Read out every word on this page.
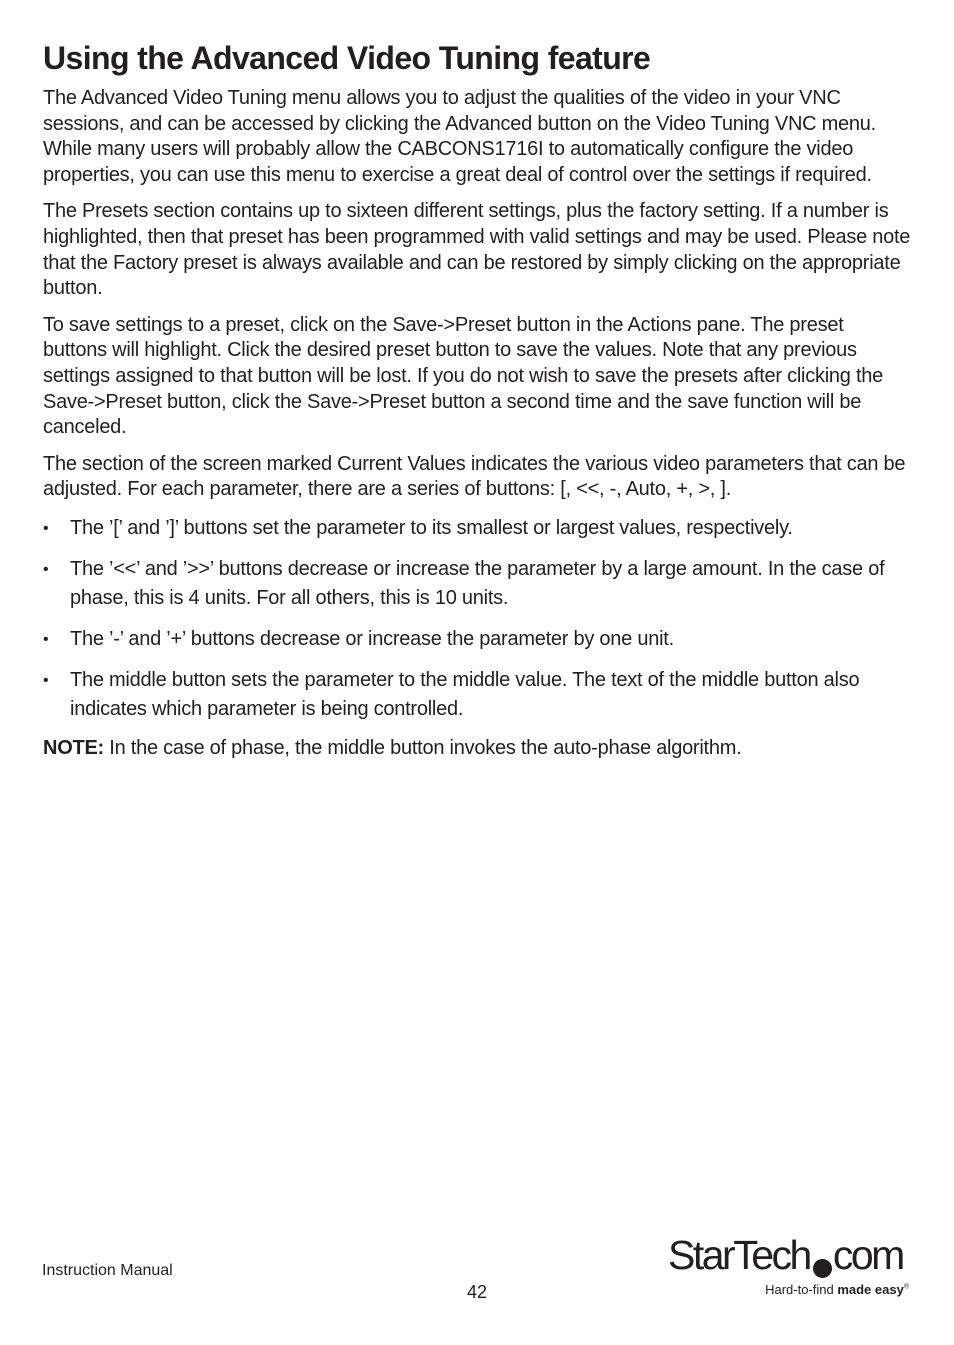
Using the Advanced Video Tuning feature

The Advanced Video Tuning menu allows you to adjust the qualities of the video in your VNC sessions, and can be accessed by clicking the Advanced button on the Video Tuning VNC menu. While many users will probably allow the CABCONS1716I to automatically configure the video properties, you can use this menu to exercise a great deal of control over the settings if required.

The Presets section contains up to sixteen different settings, plus the factory setting. If a number is highlighted, then that preset has been programmed with valid settings and may be used. Please note that the Factory preset is always available and can be restored by simply clicking on the appropriate button.

To save settings to a preset, click on the Save->Preset button in the Actions pane. The preset buttons will highlight. Click the desired preset button to save the values. Note that any previous settings assigned to that button will be lost. If you do not wish to save the presets after clicking the Save->Preset button, click the Save->Preset button a second time and the save function will be canceled.

The section of the screen marked Current Values indicates the various video parameters that can be adjusted. For each parameter, there are a series of buttons: [, <<, -, Auto, +, >, ].

• The ’[’ and ’]’ buttons set the parameter to its smallest or largest values, respectively.
• The ’<<’ and ’>>’ buttons decrease or increase the parameter by a large amount. In the case of phase, this is 4 units. For all others, this is 10 units.
• The ’-’ and ’+’ buttons decrease or increase the parameter by one unit.
• The middle button sets the parameter to the middle value. The text of the middle button also indicates which parameter is being controlled.

NOTE: In the case of phase, the middle button invokes the auto-phase algorithm.

Instruction Manual
42
StarTech com
Hard-to-find made easy®
